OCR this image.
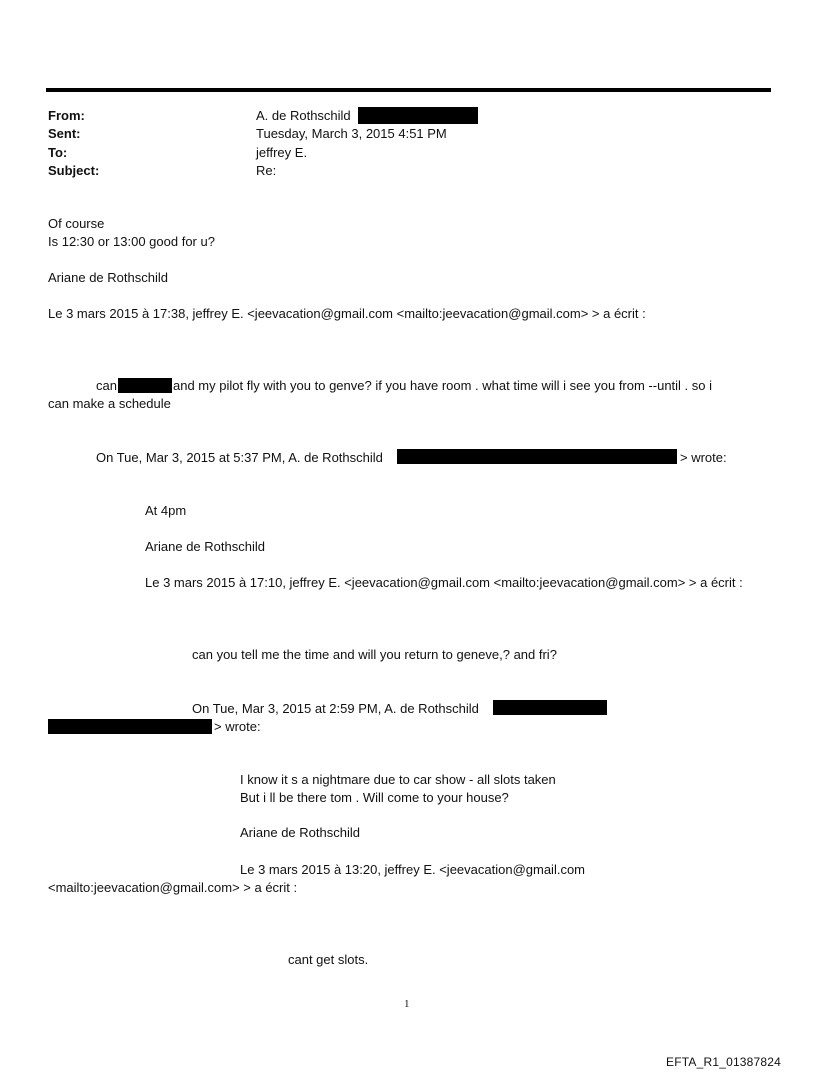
From:	A. de Rothschild
Sent:	Tuesday, March 3, 2015 4:51 PM
To:	jeffrey E.
Subject:	Re:
Of course
Is 12:30 or 13:00 good for u?
Ariane de Rothschild
Le 3 mars 2015 à 17:38, jeffrey E. <jeevacation@gmail.com <mailto:jeevacation@gmail.com> > a écrit :
can	and my pilot fly with you to genve? if you have room . what time will i see you from --until . so i
can make a schedule
On Tue, Mar 3, 2015 at 5:37 PM, A. de Rothschild	> wrote:
At 4pm
Ariane de Rothschild
Le 3 mars 2015 à 17:10, jeffrey E. <jeevacation@gmail.com <mailto:jeevacation@gmail.com> > a écrit :
can you tell me the time and will you return to geneve,? and fri?
On Tue, Mar 3, 2015 at 2:59 PM, A. de Rothschild
> wrote:
I know it s a nightmare due to car show - all slots taken
But i ll be there tom . Will come to your house?
Ariane de Rothschild
Le 3 mars 2015 à 13:20, jeffrey E. <jeevacation@gmail.com
<mailto:jeevacation@gmail.com> > a écrit :
cant get slots.
1
EFTA_R1_01387824
